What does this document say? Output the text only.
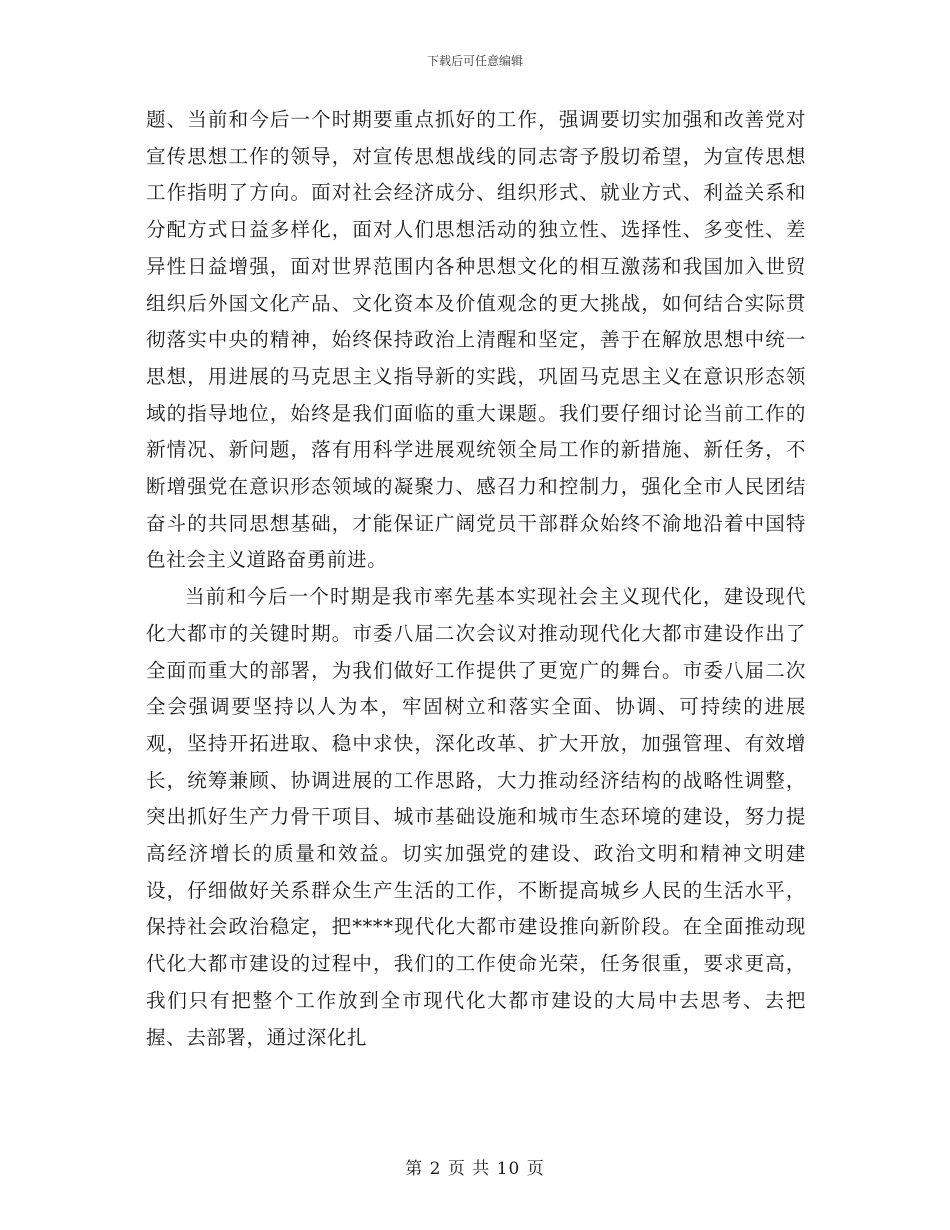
下载后可任意编辑

题、当前和今后一个时期要重点抓好的工作，强调要切实加强和改善党对宣传思想工作的领导，对宣传思想战线的同志寄予殷切希望，为宣传思想工作指明了方向。面对社会经济成分、组织形式、就业方式、利益关系和分配方式日益多样化，面对人们思想活动的独立性、选择性、多变性、差异性日益增强，面对世界范围内各种思想文化的相互激荡和我国加入世贸组织后外国文化产品、文化资本及价值观念的更大挑战，如何结合实际贯彻落实中央的精神，始终保持政治上清醒和坚定，善于在解放思想中统一思想，用进展的马克思主义指导新的实践，巩固马克思主义在意识形态领域的指导地位，始终是我们面临的重大课题。我们要仔细讨论当前工作的新情况、新问题，落有用科学进展观统领全局工作的新措施、新任务，不断增强党在意识形态领域的凝聚力、感召力和控制力，强化全市人民团结奋斗的共同思想基础，才能保证广阔党员干部群众始终不渝地沿着中国特色社会主义道路奋勇前进。

当前和今后一个时期是我市率先基本实现社会主义现代化，建设现代化大都市的关键时期。市委八届二次会议对推动现代化大都市建设作出了全面而重大的部署，为我们做好工作提供了更宽广的舞台。市委八届二次全会强调要坚持以人为本，牢固树立和落实全面、协调、可持续的进展观，坚持开拓进取、稳中求快，深化改革、扩大开放，加强管理、有效增长，统筹兼顾、协调进展的工作思路，大力推动经济结构的战略性调整，突出抓好生产力骨干项目、城市基础设施和城市生态环境的建设，努力提高经济增长的质量和效益。切实加强党的建设、政治文明和精神文明建设，仔细做好关系群众生产生活的工作，不断提高城乡人民的生活水平，保持社会政治稳定，把****现代化大都市建设推向新阶段。在全面推动现代化大都市建设的过程中，我们的工作使命光荣，任务很重，要求更高，我们只有把整个工作放到全市现代化大都市建设的大局中去思考、去把握、去部署，通过深化扎

第 2 页 共 10 页
